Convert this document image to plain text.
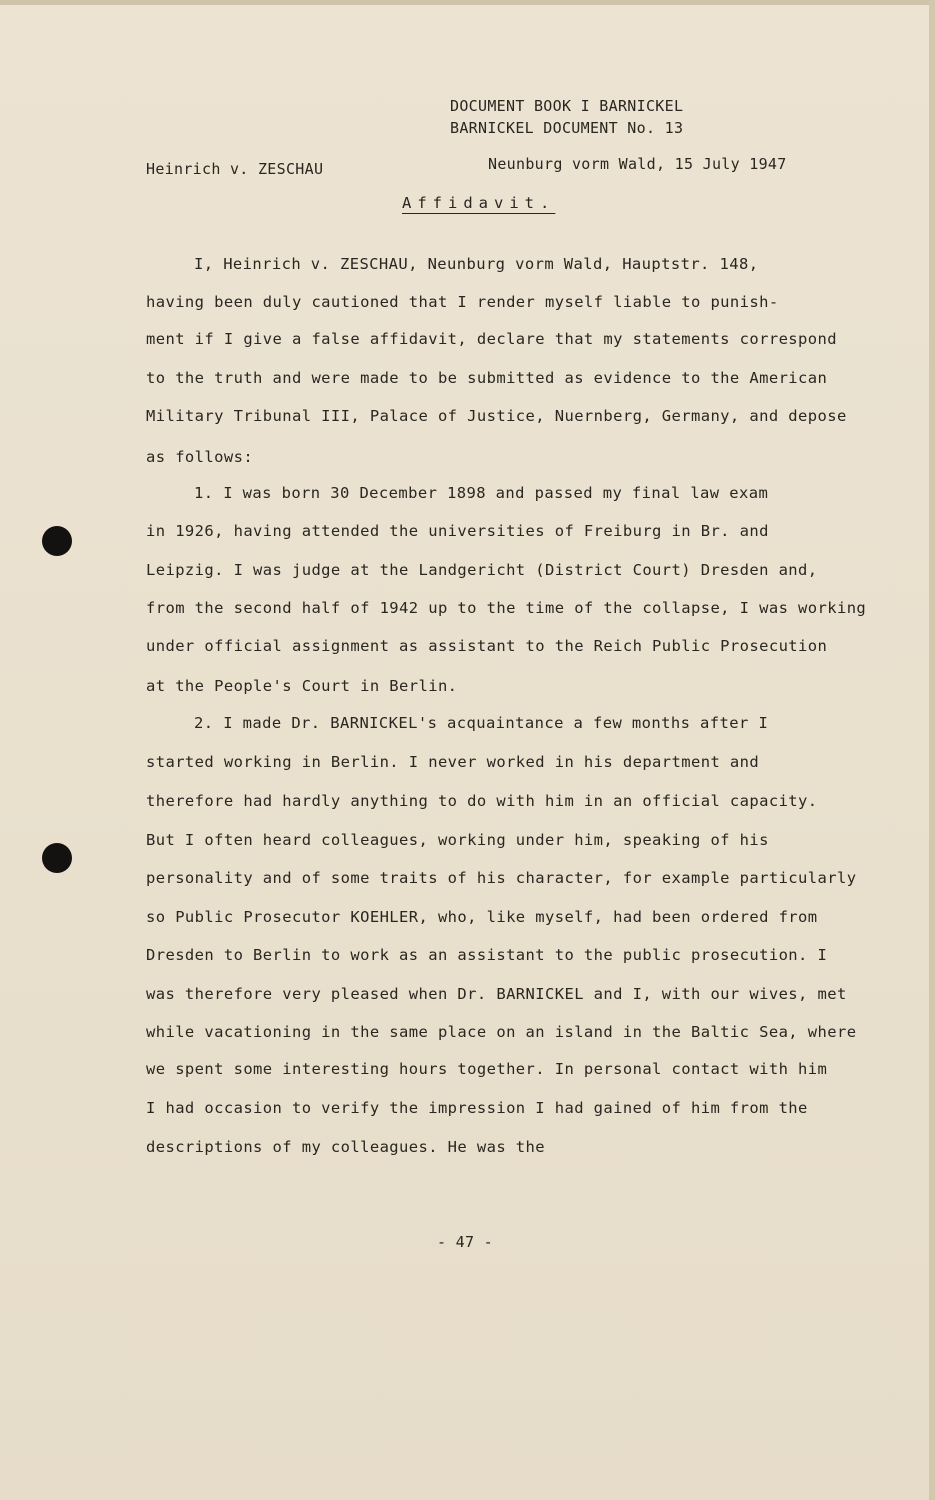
DOCUMENT BOOK I BARNICKEL
BARNICKEL DOCUMENT No. 13
Heinrich v. ZESCHAU	Neunburg vorm Wald, 15 July 1947
Affidavit.
I, Heinrich v. ZESCHAU, Neunburg vorm Wald, Hauptstr. 148,
having been duly cautioned that I render myself liable to punish-
ment if I give a false affidavit, declare that my statements correspond
to the truth and were made to be submitted as evidence to the American
Military Tribunal III, Palace of Justice, Nuernberg, Germany, and depose
as follows:
1. I was born 30 December 1898 and passed my final law exam
in 1926, having attended the universities of Freiburg in Br. and
Leipzig. I was judge at the Landgericht (District Court) Dresden and,
from the second half of 1942 up to the time of the collapse, I was working
under official assignment as assistant to the Reich Public Prosecution
at the People's Court in Berlin.
2. I made Dr. BARNICKEL's acquaintance a few months after I
started working in Berlin. I never worked in his department and
therefore had hardly anything to do with him in an official capacity.
But I often heard colleagues, working under him, speaking of his
personality and of some traits of his character, for example particularly
so Public Prosecutor KOEHLER, who, like myself, had been ordered from
Dresden to Berlin to work as an assistant to the public prosecution. I
was therefore very pleased when Dr. BARNICKEL and I, with our wives, met
while vacationing in the same place on an island in the Baltic Sea, where
we spent some interesting hours together. In personal contact with him
I had occasion to verify the impression I had gained of him from the
descriptions of my colleagues. He was the
- 47 -
